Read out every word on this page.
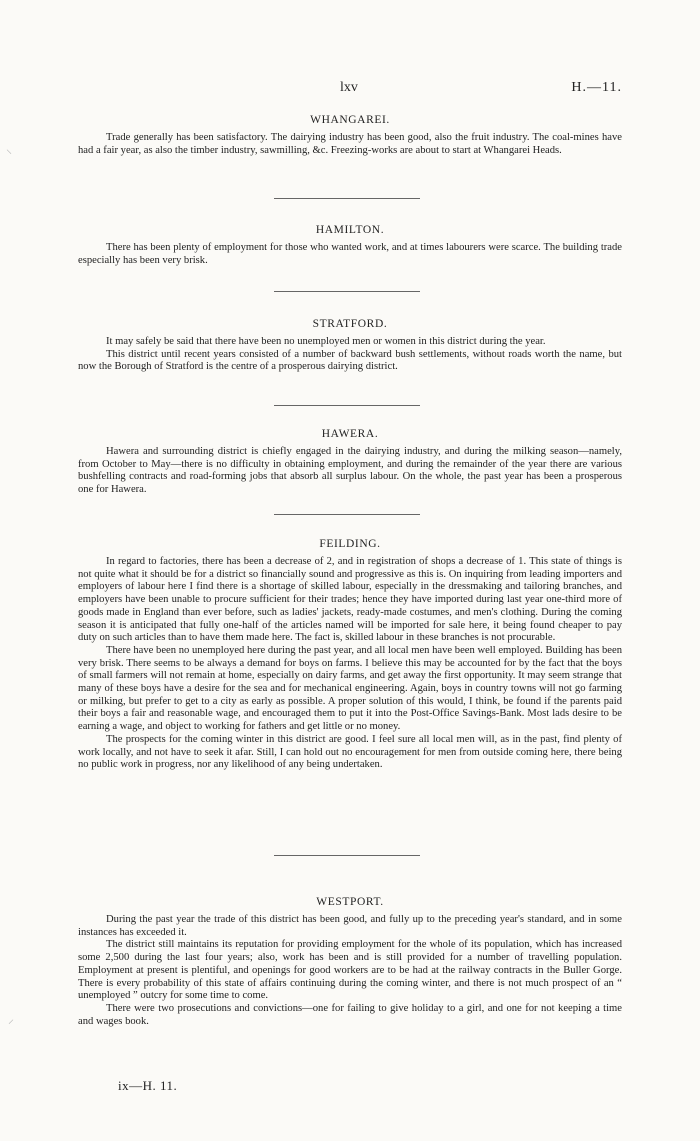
lxv	H.—11.
WHANGAREI.

Trade generally has been satisfactory. The dairying industry has been good, also the fruit industry. The coal-mines have had a fair year, as also the timber industry, sawmilling, &c. Freezing-works are about to start at Whangarei Heads.

HAMILTON.

There has been plenty of employment for those who wanted work, and at times labourers were scarce. The building trade especially has been very brisk.

STRATFORD.

It may safely be said that there have been no unemployed men or women in this district during the year.

This district until recent years consisted of a number of backward bush settlements, without roads worth the name, but now the Borough of Stratford is the centre of a prosperous dairying district.

HAWERA.

Hawera and surrounding district is chiefly engaged in the dairying industry, and during the milking season—namely, from October to May—there is no difficulty in obtaining employment, and during the remainder of the year there are various bushfelling contracts and road-forming jobs that absorb all surplus labour. On the whole, the past year has been a prosperous one for Hawera.

FEILDING.

In regard to factories, there has been a decrease of 2, and in registration of shops a decrease of 1. This state of things is not quite what it should be for a district so financially sound and progressive as this is. On inquiring from leading importers and employers of labour here I find there is a shortage of skilled labour, especially in the dressmaking and tailoring branches, and employers have been unable to procure sufficient for their trades; hence they have imported during last year one-third more of goods made in England than ever before, such as ladies' jackets, ready-made costumes, and men's clothing. During the coming season it is anticipated that fully one-half of the articles named will be imported for sale here, it being found cheaper to pay duty on such articles than to have them made here. The fact is, skilled labour in these branches is not procurable.

There have been no unemployed here during the past year, and all local men have been well employed. Building has been very brisk. There seems to be always a demand for boys on farms. I believe this may be accounted for by the fact that the boys of small farmers will not remain at home, especially on dairy farms, and get away the first opportunity. It may seem strange that many of these boys have a desire for the sea and for mechanical engineering. Again, boys in country towns will not go farming or milking, but prefer to get to a city as early as possible. A proper solution of this would, I think, be found if the parents paid their boys a fair and reasonable wage, and encouraged them to put it into the Post-Office Savings-Bank. Most lads desire to be earning a wage, and object to working for fathers and get little or no money.

The prospects for the coming winter in this district are good. I feel sure all local men will, as in the past, find plenty of work locally, and not have to seek it afar. Still, I can hold out no encouragement for men from outside coming here, there being no public work in progress, nor any likelihood of any being undertaken.

WESTPORT.

During the past year the trade of this district has been good, and fully up to the preceding year's standard, and in some instances has exceeded it.

The district still maintains its reputation for providing employment for the whole of its population, which has increased some 2,500 during the last four years; also, work has been and is still provided for a number of travelling population. Employment at present is plentiful, and openings for good workers are to be had at the railway contracts in the Buller Gorge. There is every probability of this state of affairs continuing during the coming winter, and there is not much prospect of an “ unemployed ” outcry for some time to come.

There were two prosecutions and convictions—one for failing to give holiday to a girl, and one for not keeping a time and wages book.

ix—H. 11.
⸜
⸝
